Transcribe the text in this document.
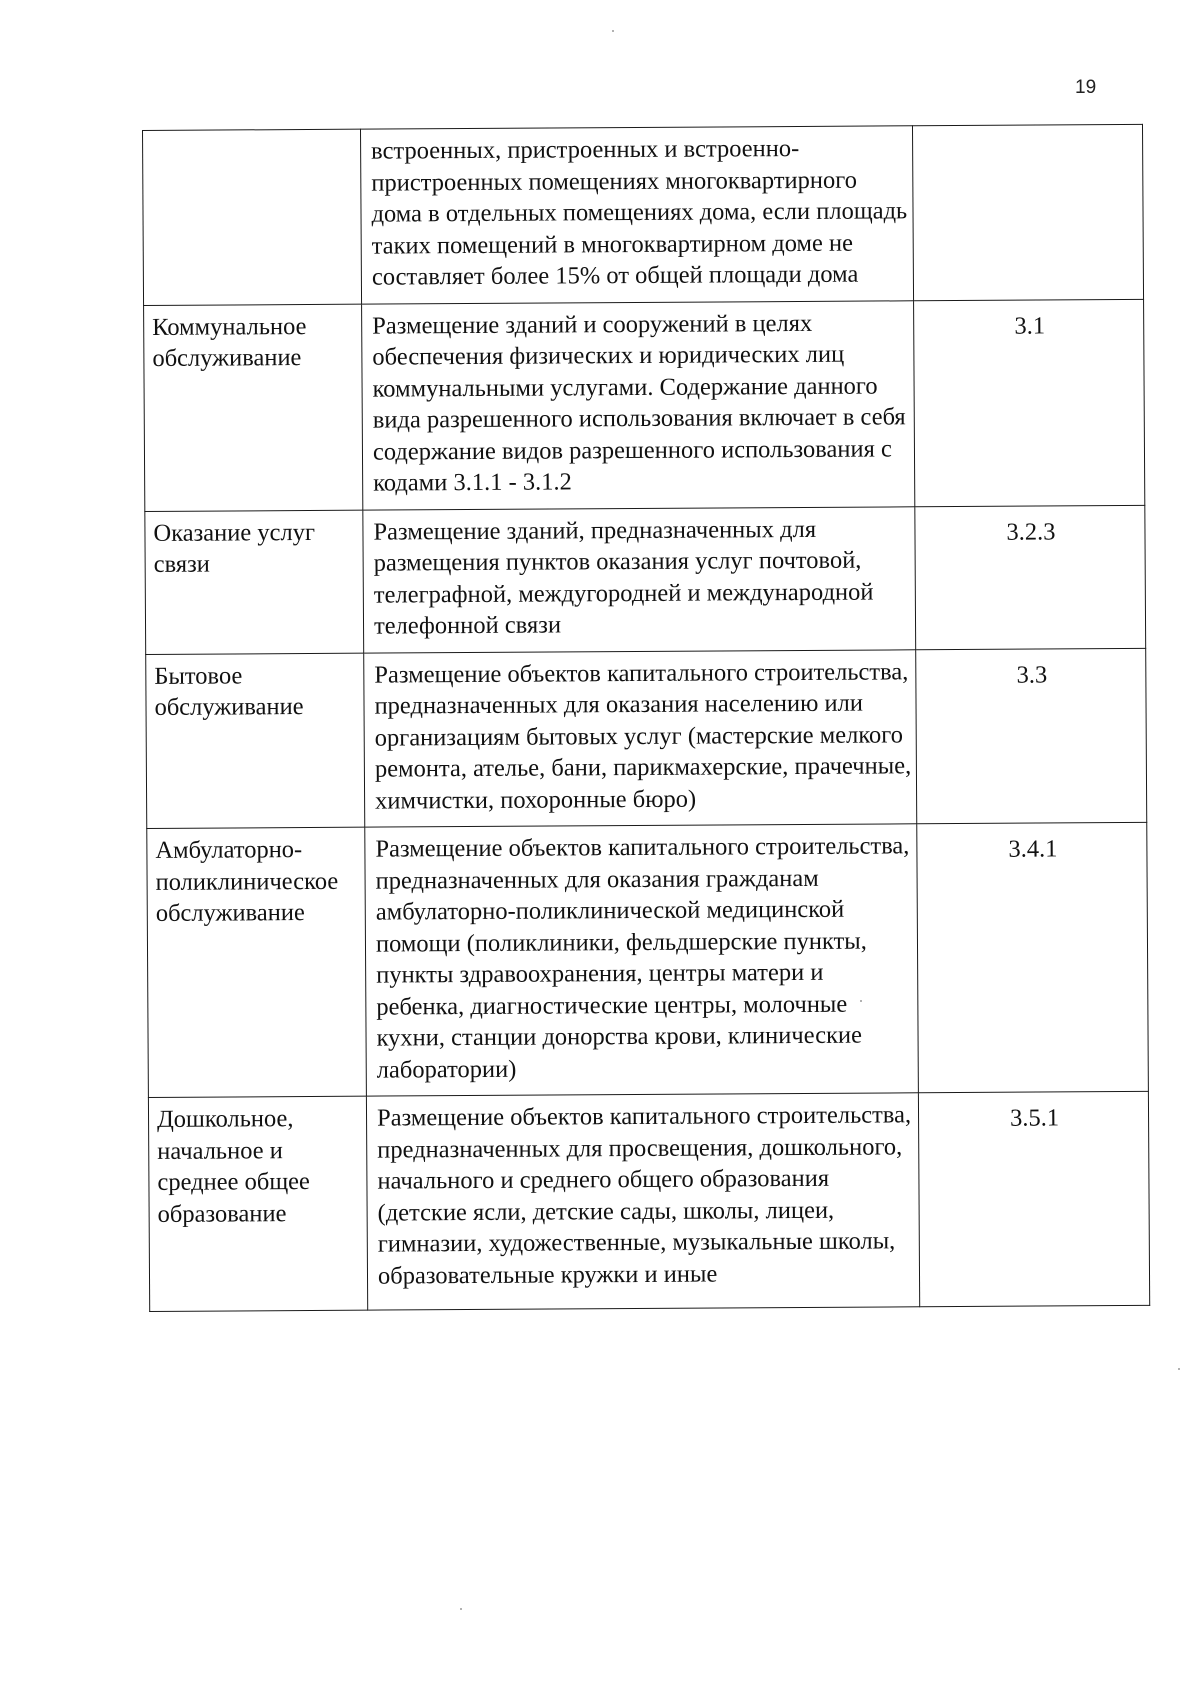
19
	встроенных, пристроенных и встроенно-пристроенных помещениях многоквартирного дома в отдельных помещениях дома, если площадь таких помещений в многоквартирном доме не составляет более 15% от общей площади дома	
Коммунальное обслуживание	Размещение зданий и сооружений в целях обеспечения физических и юридических лиц коммунальными услугами. Содержание данного вида разрешенного использования включает в себя содержание видов разрешенного использования с кодами 3.1.1 - 3.1.2	3.1
Оказание услуг связи	Размещение зданий, предназначенных для размещения пунктов оказания услуг почтовой, телеграфной, междугородней и международной телефонной связи	3.2.3
Бытовое обслуживание	Размещение объектов капитального строительства, предназначенных для оказания населению или организациям бытовых услуг (мастерские мелкого ремонта, ателье, бани, парикмахерские, прачечные, химчистки, похоронные бюро)	3.3
Амбулаторно-поликлиническое обслуживание	Размещение объектов капитального строительства, предназначенных для оказания гражданам амбулаторно-поликлинической медицинской помощи (поликлиники, фельдшерские пункты, пункты здравоохранения, центры матери и ребенка, диагностические центры, молочные кухни, станции донорства крови, клинические лаборатории)	3.4.1
Дошкольное, начальное и среднее общее образование	Размещение объектов капитального строительства, предназначенных для просвещения, дошкольного, начального и среднего общего образования (детские ясли, детские сады, школы, лицеи, гимназии, художественные, музыкальные школы, образовательные кружки и иные	3.5.1
